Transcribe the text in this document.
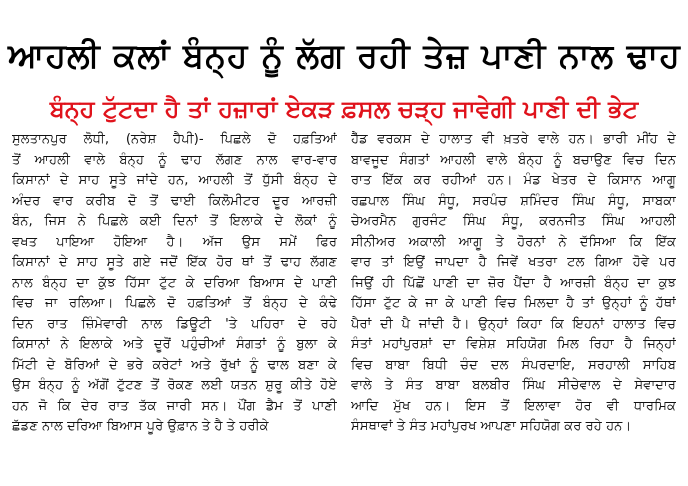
ਆਹਲੀ ਕਲਾਂ ਬੰਨ੍ਹ ਨੂੰ ਲੱਗ ਰਹੀ ਤੇਜ਼ ਪਾਣੀ ਨਾਲ ਢਾਹ
ਬੰਨ੍ਹ ਟੁੱਟਦਾ ਹੈ ਤਾਂ ਹਜ਼ਾਰਾਂ ਏਕੜ ਫ਼ਸਲ ਚੜ੍ਹ ਜਾਵੇਗੀ ਪਾਣੀ ਦੀ ਭੇਟ
ਸੁਲਤਾਨਪੁਰ ਲੋਧੀ, (ਨਰੇਸ਼ ਹੈਪੀ)- ਪਿਛਲੇ ਦੋ ਹਫ਼ਤਿਆਂ
ਤੋਂ ਆਹਲੀ ਵਾਲੇ ਬੰਨ੍ਹ ਨੂੰ ਢਾਹ ਲੱਗਣ ਨਾਲ ਵਾਰ-ਵਾਰ
ਕਿਸਾਨਾਂ ਦੇ ਸਾਹ ਸੂਤੇ ਜਾਂਦੇ ਹਨ, ਆਹਲੀ ਤੋਂ ਧੁੱਸੀ ਬੰਨ੍ਹ ਦੇ
ਅੰਦਰ ਵਾਰ ਕਰੀਬ ਦੋ ਤੋਂ ਢਾਈ ਕਿਲੋਮੀਟਰ ਦੂਰ ਆਰਜ਼ੀ
ਬੰਨ, ਜਿਸ ਨੇ ਪਿਛਲੇ ਕਈ ਦਿਨਾਂ ਤੋਂ ਇਲਾਕੇ ਦੇ ਲੋਕਾਂ ਨੂੰ
ਵਖਤ ਪਾਇਆ ਹੋਇਆ ਹੈ। ਅੱਜ ਉਸ ਸਮੇਂ ਫਿਰ
ਕਿਸਾਨਾਂ ਦੇ ਸਾਹ ਸੂਤੇ ਗਏ ਜਦੋਂ ਇੱਕ ਹੋਰ ਥਾਂ ਤੋਂ ਢਾਹ ਲੱਗਣ
ਨਾਲ ਬੰਨ੍ਹ ਦਾ ਕੁੱਝ ਹਿੱਸਾ ਟੁੱਟ ਕੇ ਦਰਿਆ ਬਿਆਸ ਦੇ ਪਾਣੀ
ਵਿਚ ਜਾ ਰਲਿਆ। ਪਿਛਲੇ ਦੋ ਹਫ਼ਤਿਆਂ ਤੋਂ ਬੰਨ੍ਹ ਦੇ ਕੰਢੇ
ਦਿਨ ਰਾਤ ਜ਼ਿੰਮੇਵਾਰੀ ਨਾਲ ਡਿਊਟੀ 'ਤੇ ਪਹਿਰਾ ਦੇ ਰਹੇ
ਕਿਸਾਨਾਂ ਨੇ ਇਲਾਕੇ ਅਤੇ ਦੂਰੋਂ ਪਹੁੰਚੀਆਂ ਸੰਗਤਾਂ ਨੂੰ ਬੁਲਾ ਕੇ
ਮਿੱਟੀ ਦੇ ਬੋਰਿਆਂ ਦੇ ਭਰੇ ਕਰੇਟਾਂ ਅਤੇ ਰੁੱਖਾਂ ਨੂੰ ਢਾਲ ਬਣਾ ਕੇ
ਉਸ ਬੰਨ੍ਹ ਨੂੰ ਅੱਗੋਂ ਟੁੱਟਣ ਤੋਂ ਰੋਕਣ ਲਈ ਯਤਨ ਸ਼ੁਰੂ ਕੀਤੇ ਹੋਏ
ਹਨ ਜੋ ਕਿ ਦੇਰ ਰਾਤ ਤੱਕ ਜਾਰੀ ਸਨ। ਪੌਂਗ ਡੈਮ ਤੋਂ ਪਾਣੀ
ਛੱਡਣ ਨਾਲ ਦਰਿਆ ਬਿਆਸ ਪੂਰੇ ਉਫ਼ਾਨ ਤੇ ਹੈ ਤੇ ਹਰੀਕੇ
ਹੈੱਡ ਵਰਕਸ ਦੇ ਹਾਲਾਤ ਵੀ ਖ਼ਤਰੇ ਵਾਲੇ ਹਨ। ਭਾਰੀ ਮੀਂਹ ਦੇ
ਬਾਵਜੂਦ ਸੰਗਤਾਂ ਆਹਲੀ ਵਾਲੇ ਬੰਨ੍ਹ ਨੂੰ ਬਚਾਉਣ ਵਿਚ ਦਿਨ
ਰਾਤ ਇੱਕ ਕਰ ਰਹੀਆਂ ਹਨ। ਮੰਡ ਖੇਤਰ ਦੇ ਕਿਸਾਨ ਆਗੂ
ਰਛਪਾਲ ਸਿੰਘ ਸੰਧੂ, ਸਰਪੰਚ ਸ਼ਮਿੰਦਰ ਸਿੰਘ ਸੰਧੂ, ਸਾਬਕਾ
ਚੇਅਰਮੈਨ ਗੁਰਜੰਟ ਸਿੰਘ ਸੰਧੂ, ਕਰਨਜੀਤ ਸਿੰਘ ਆਹਲੀ
ਸੀਨੀਅਰ ਅਕਾਲੀ ਆਗੂ ਤੇ ਹੋਰਨਾਂ ਨੇ ਦੱਸਿਆ ਕਿ ਇੱਕ
ਵਾਰ ਤਾਂ ਇਉਂ ਜਾਪਦਾ ਹੈ ਜਿਵੇਂ ਖਤਰਾ ਟਲ ਗਿਆ ਹੋਵੇ ਪਰ
ਜਿਉਂ ਹੀ ਪਿੱਛੋਂ ਪਾਣੀ ਦਾ ਜ਼ੋਰ ਪੈਂਦਾ ਹੈ ਆਰਜ਼ੀ ਬੰਨ੍ਹ ਦਾ ਕੁਝ
ਹਿੱਸਾ ਟੁੱਟ ਕੇ ਜਾ ਕੇ ਪਾਣੀ ਵਿਚ ਮਿਲਦਾ ਹੈ ਤਾਂ ਉਨ੍ਹਾਂ ਨੂੰ ਹੱਥਾਂ
ਪੈਰਾਂ ਦੀ ਪੈ ਜਾਂਦੀ ਹੈ। ਉਨ੍ਹਾਂ ਕਿਹਾ ਕਿ ਇਹਨਾਂ ਹਾਲਾਤ ਵਿਚ
ਸੰਤਾਂ ਮਹਾਂਪੁਰਸ਼ਾਂ ਦਾ ਵਿਸ਼ੇਸ਼ ਸਹਿਯੋਗ ਮਿਲ ਰਿਹਾ ਹੈ ਜਿਨ੍ਹਾਂ
ਵਿਚ ਬਾਬਾ ਬਿਧੀ ਚੰਦ ਦਲ ਸੰਪਰਦਾਇ, ਸਰਹਾਲੀ ਸਾਹਿਬ
ਵਾਲੇ ਤੇ ਸੰਤ ਬਾਬਾ ਬਲਬੀਰ ਸਿੰਘ ਸੀਚੇਵਾਲ ਦੇ ਸੇਵਾਦਾਰ
ਆਦਿ ਮੁੱਖ ਹਨ। ਇਸ ਤੋਂ ਇਲਾਵਾ ਹੋਰ ਵੀ ਧਾਰਮਿਕ
ਸੰਸਥਾਵਾਂ ਤੇ ਸੰਤ ਮਹਾਂਪੁਰਖ ਆਪਣਾ ਸਹਿਯੋਗ ਕਰ ਰਹੇ ਹਨ।
